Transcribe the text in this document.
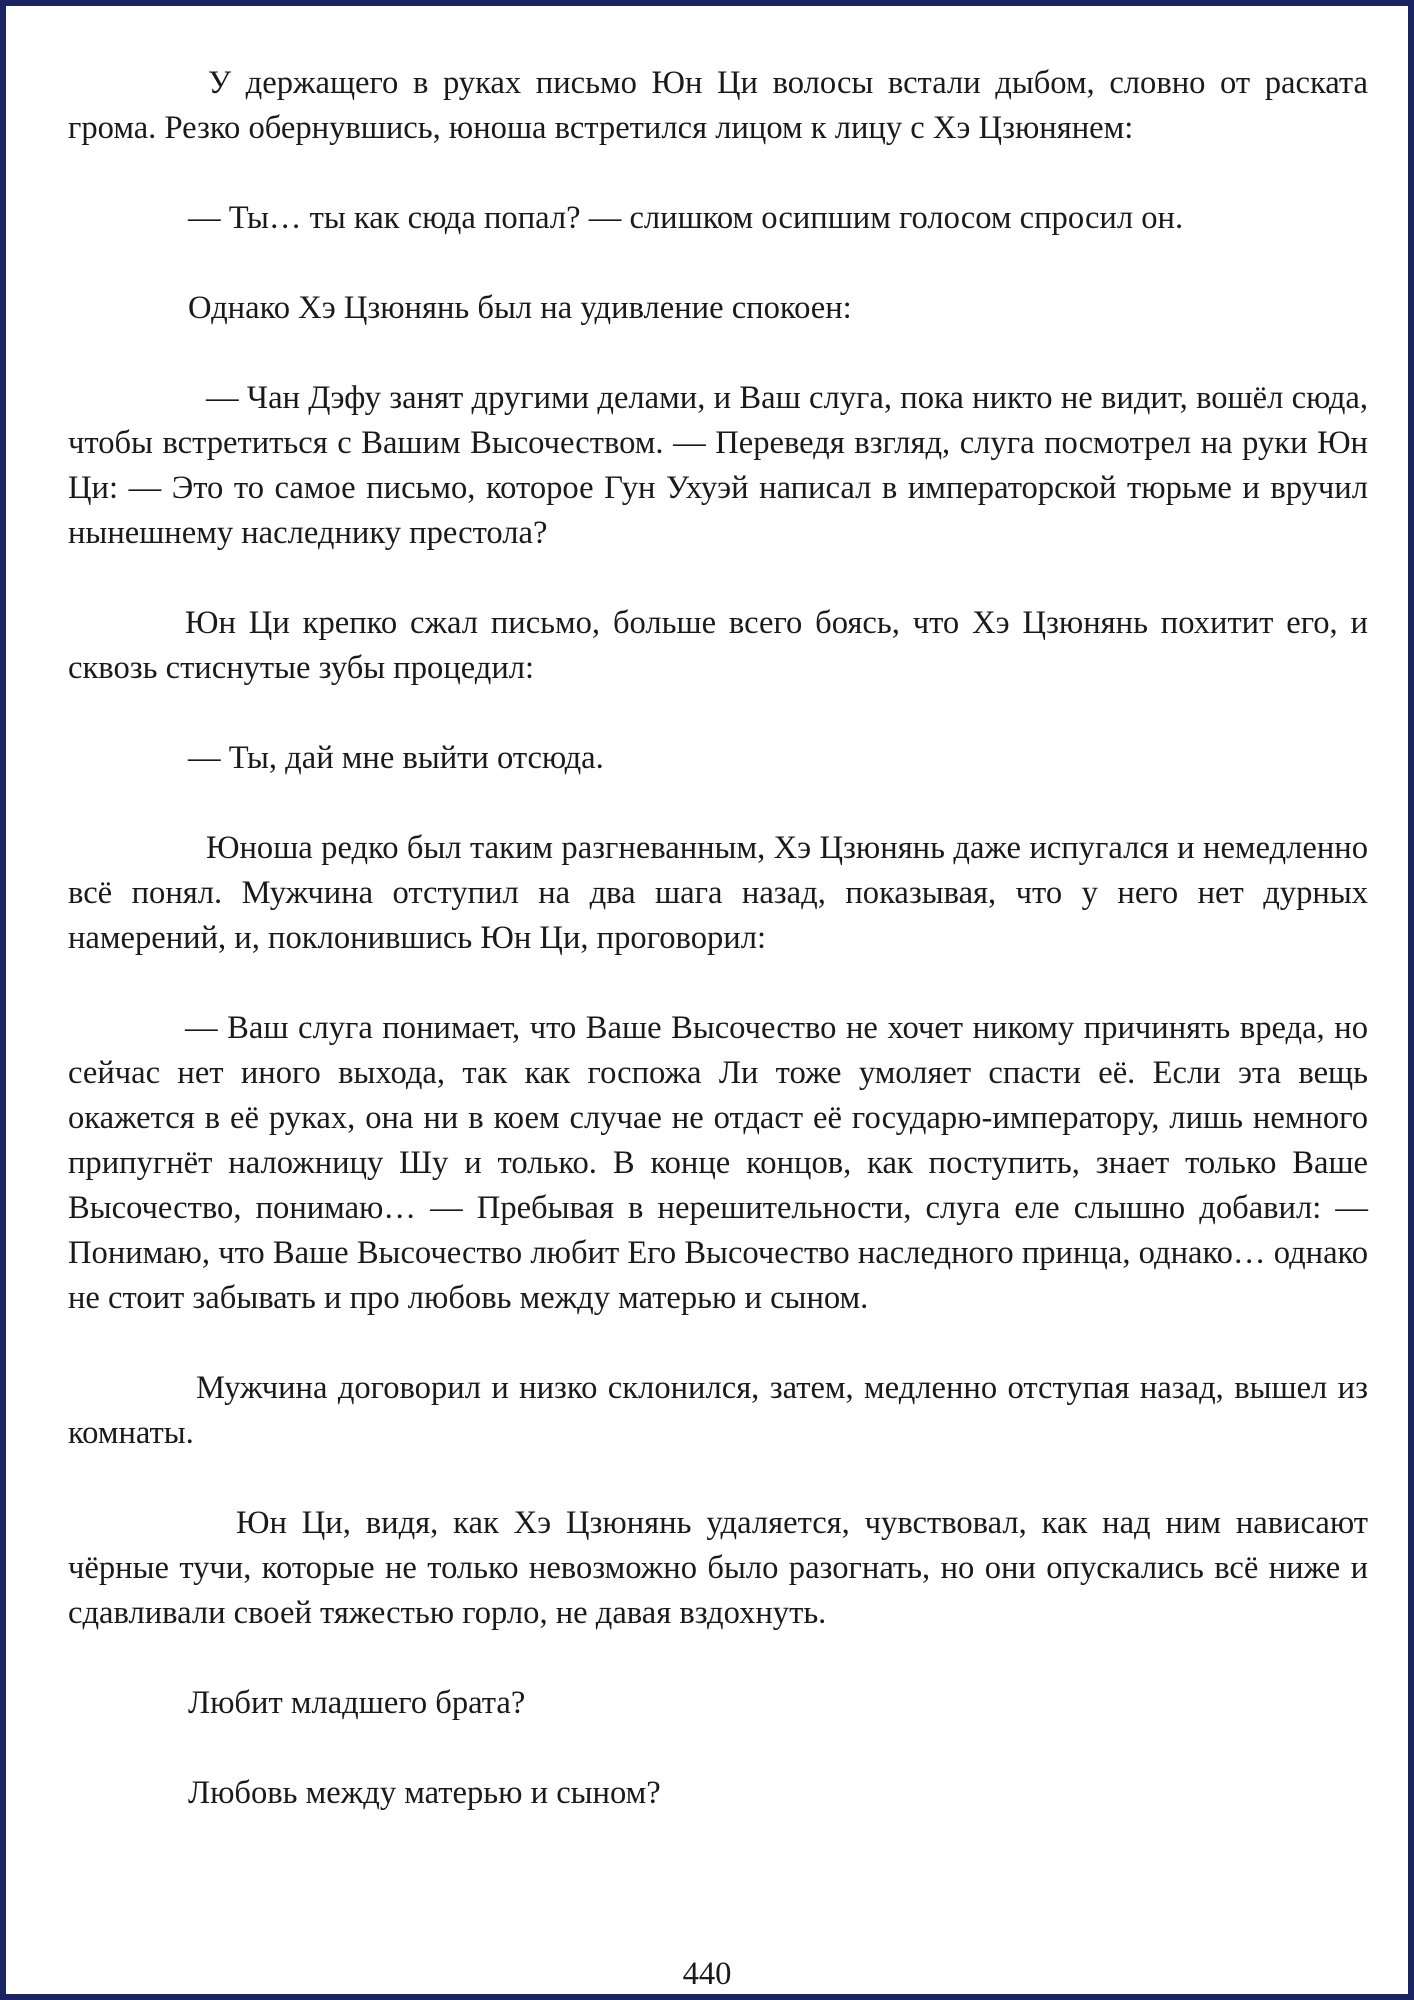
У держащего в руках письмо Юн Ци волосы встали дыбом, словно от раската грома. Резко обернувшись, юноша встретился лицом к лицу с Хэ Цзюнянем:

— Ты… ты как сюда попал? — слишком осипшим голосом спросил он.

Однако Хэ Цзюнянь был на удивление спокоен:

— Чан Дэфу занят другими делами, и Ваш слуга, пока никто не видит, вошёл сюда, чтобы встретиться с Вашим Высочеством. — Переведя взгляд, слуга посмотрел на руки Юн Ци: — Это то самое письмо, которое Гун Ухуэй написал в императорской тюрьме и вручил нынешнему наследнику престола?

Юн Ци крепко сжал письмо, больше всего боясь, что Хэ Цзюнянь похитит его, и сквозь стиснутые зубы процедил:

— Ты, дай мне выйти отсюда.

Юноша редко был таким разгневанным, Хэ Цзюнянь даже испугался и немедленно всё понял. Мужчина отступил на два шага назад, показывая, что у него нет дурных намерений, и, поклонившись Юн Ци, проговорил:

— Ваш слуга понимает, что Ваше Высочество не хочет никому причинять вреда, но сейчас нет иного выхода, так как госпожа Ли тоже умоляет спасти её. Если эта вещь окажется в её руках, она ни в коем случае не отдаст её государю-императору, лишь немного припугнёт наложницу Шу и только. В конце концов, как поступить, знает только Ваше Высочество, понимаю… — Пребывая в нерешительности, слуга еле слышно добавил: — Понимаю, что Ваше Высочество любит Его Высочество наследного принца, однако… однако не стоит забывать и про любовь между матерью и сыном.

Мужчина договорил и низко склонился, затем, медленно отступая назад, вышел из комнаты.

Юн Ци, видя, как Хэ Цзюнянь удаляется, чувствовал, как над ним нависают чёрные тучи, которые не только невозможно было разогнать, но они опускались всё ниже и сдавливали своей тяжестью горло, не давая вздохнуть.

Любит младшего брата?

Любовь между матерью и сыном?

440
